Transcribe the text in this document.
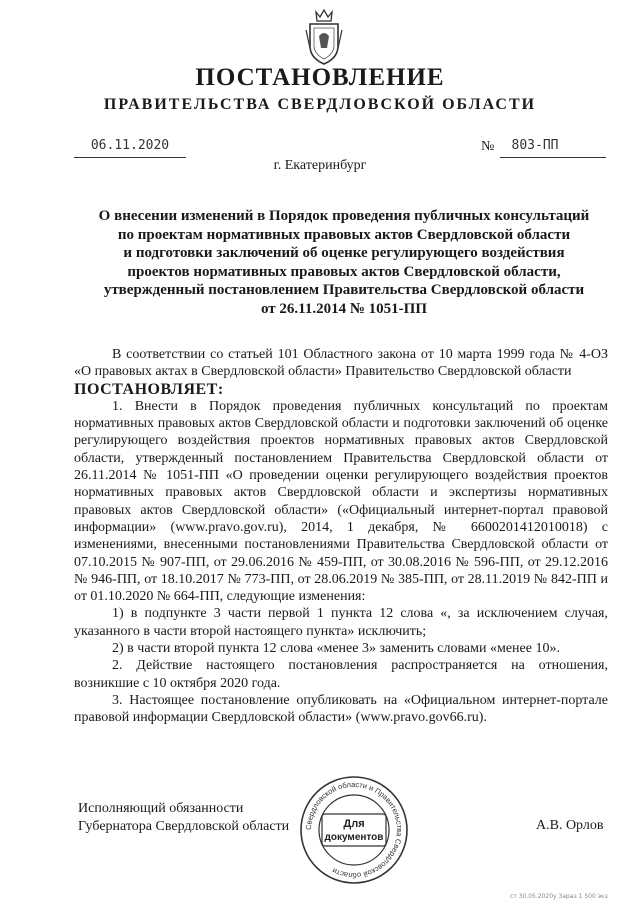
ПОСТАНОВЛЕНИЕ
ПРАВИТЕЛЬСТВА СВЕРДЛОВСКОЙ ОБЛАСТИ
06.11.2020	№	803-ПП
г. Екатеринбург
О внесении изменений в Порядок проведения публичных консультаций
по проектам нормативных правовых актов Свердловской области
и подготовки заключений об оценке регулирующего воздействия
проектов нормативных правовых актов Свердловской области,
утвержденный постановлением Правительства Свердловской области
от 26.11.2014 № 1051-ПП

В соответствии со статьей 101 Областного закона от 10 марта 1999 года № 4-ОЗ «О правовых актах в Свердловской области» Правительство Свердловской области

ПОСТАНОВЛЯЕТ:

1. Внести в Порядок проведения публичных консультаций по проектам нормативных правовых актов Свердловской области и подготовки заключений об оценке регулирующего воздействия проектов нормативных правовых актов Свердловской области, утвержденный постановлением Правительства Свердловской области от 26.11.2014 № 1051-ПП «О проведении оценки регулирующего воздействия проектов нормативных правовых актов Свердловской области и экспертизы нормативных правовых актов Свердловской области» («Официальный интернет-портал правовой информации» (www.pravo.gov.ru), 2014, 1 декабря, № 6600201412010018) с изменениями, внесенными постановлениями Правительства Свердловской области от 07.10.2015 № 907-ПП, от 29.06.2016 № 459-ПП, от 30.08.2016 № 596-ПП, от 29.12.2016 № 946-ПП, от 18.10.2017 № 773-ПП, от 28.06.2019 № 385-ПП, от 28.11.2019 № 842-ПП и от 01.10.2020 № 664-ПП, следующие изменения:

1) в подпункте 3 части первой 1 пункта 12 слова «, за исключением случая, указанного в части второй настоящего пункта» исключить;

2) в части второй пункта 12 слова «менее 3» заменить словами «менее 10».

2. Действие настоящего постановления распространяется на отношения, возникшие с 10 октября 2020 года.

3. Настоящее постановление опубликовать на «Официальном интернет-портале правовой информации Свердловской области» (www.pravo.gov66.ru).

Исполняющий обязанности
Губернатора Свердловской области	А.В. Орлов
Свердловской области и Правительства Свердловской области
Для
документов
ст 30.05.2020у Зараз 1 500 экз
